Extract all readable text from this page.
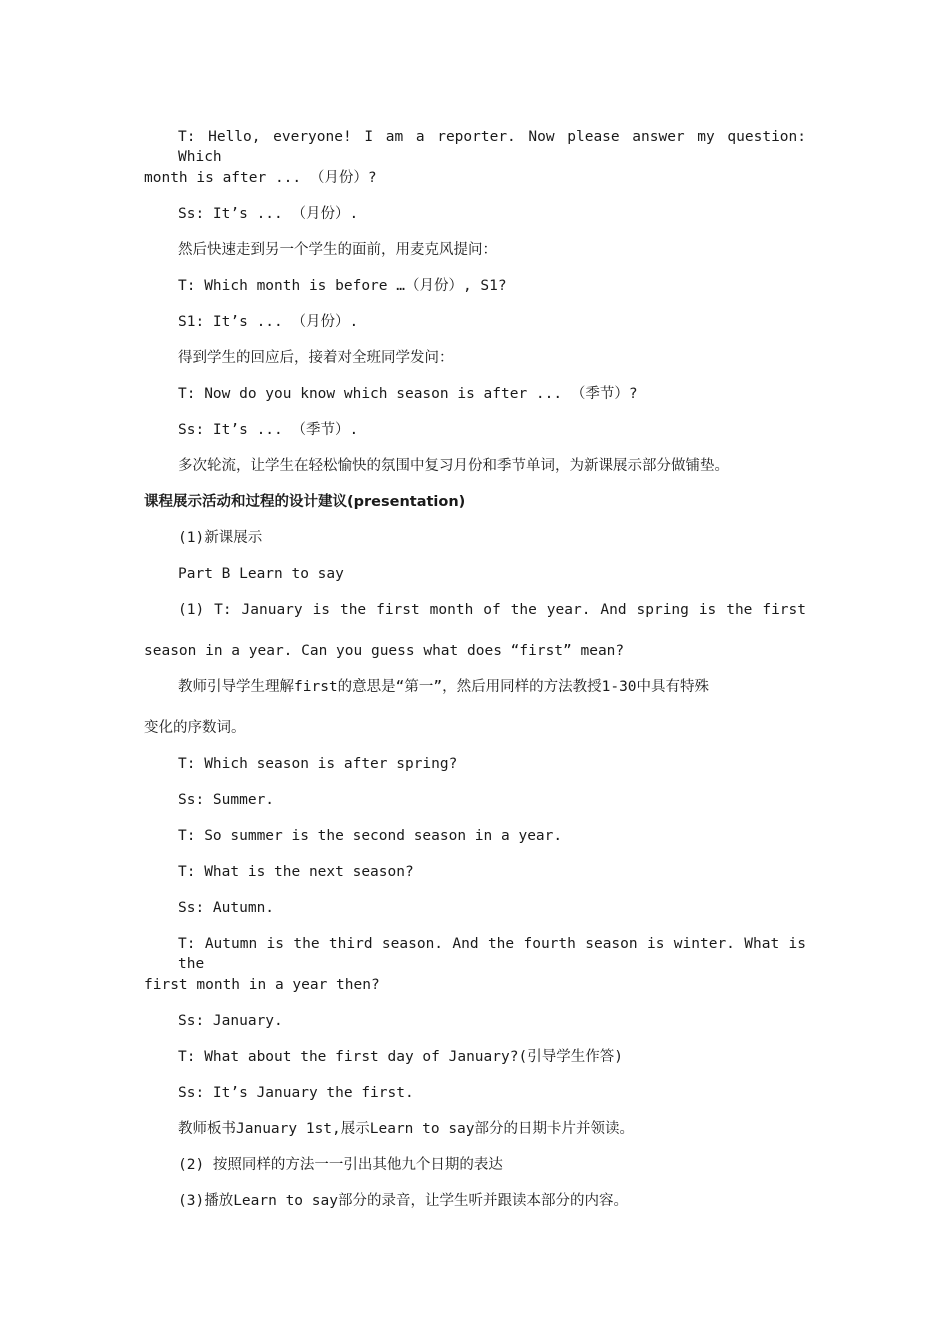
T: Hello, everyone! I am a reporter. Now please answer my question: Which
month is after ... （月份）?
Ss: It’s ... （月份）.
然后快速走到另一个学生的面前，用麦克风提问：
T: Which month is before …（月份）, S1?
S1: It’s ... （月份）.
得到学生的回应后，接着对全班同学发问：
T: Now do you know which season is after ... （季节）?
Ss: It’s ... （季节）.
多次轮流，让学生在轻松愉快的氛围中复习月份和季节单词，为新课展示部分做铺垫。
课程展示活动和过程的设计建议(presentation)
(1)新课展示
Part B Learn to say
(1) T: January is the first month of the year. And spring is the first
season in a year. Can you guess what does “first” mean?
教师引导学生理解first的意思是“第一”，然后用同样的方法教授1-30中具有特殊
变化的序数词。
T: Which season is after spring?
Ss: Summer.
T: So summer is the second season in a year.
T: What is the next season?
Ss: Autumn.
T: Autumn is the third season. And the fourth season is winter. What is the
first month in a year then?
Ss: January.
T: What about the first day of January?(引导学生作答)
Ss: It’s January the first.
教师板书January 1st,展示Learn to say部分的日期卡片并领读。
(2) 按照同样的方法一一引出其他九个日期的表达
(3)播放Learn to say部分的录音，让学生听并跟读本部分的内容。
